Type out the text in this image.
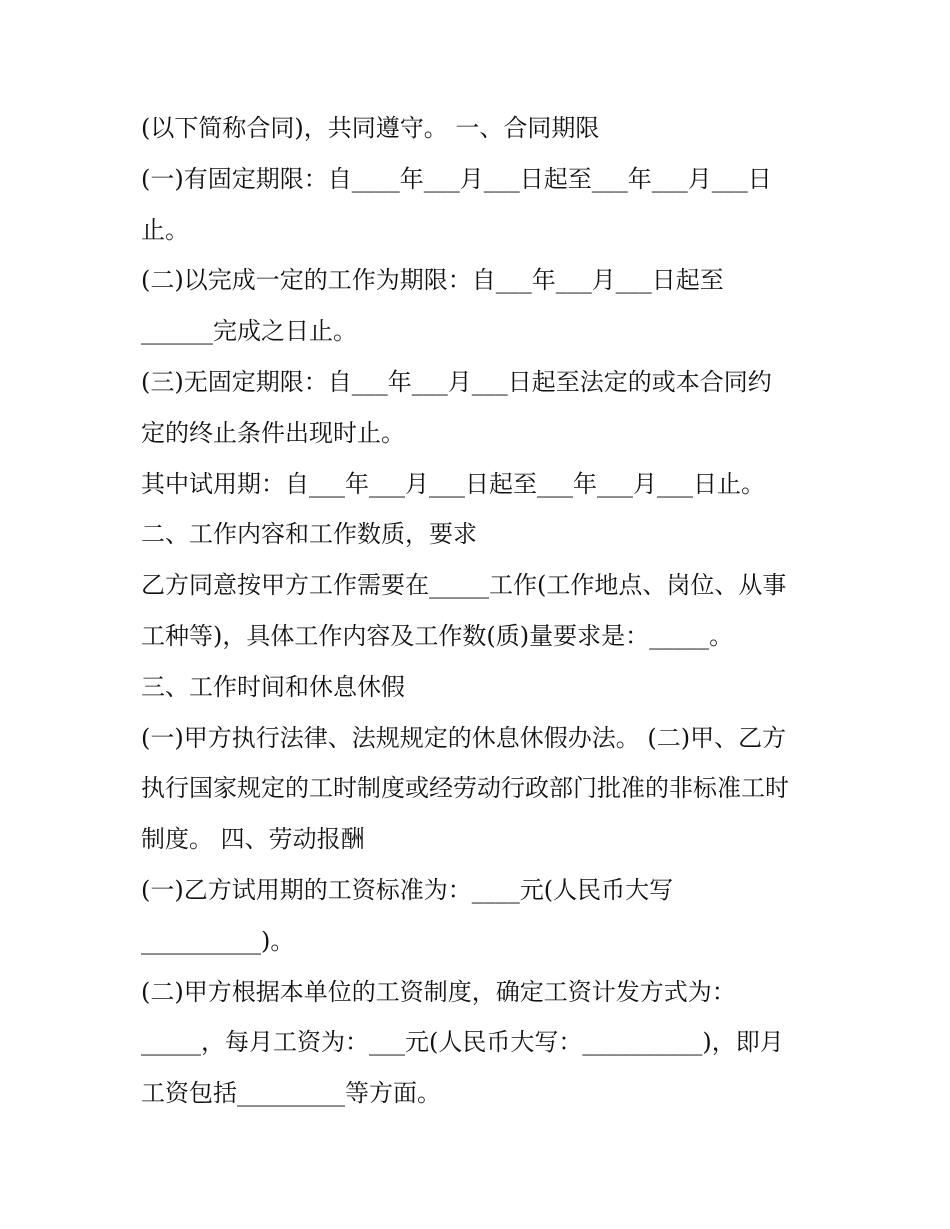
(以下简称合同)，共同遵守。 一、合同期限
(一)有固定期限：自____年___月___日起至___年___月___日
止。
(二)以完成一定的工作为期限：自___年___月___日起至
______完成之日止。
(三)无固定期限：自___年___月___日起至法定的或本合同约
定的终止条件出现时止。
其中试用期：自___年___月___日起至___年___月___日止。
二、工作内容和工作数质，要求
乙方同意按甲方工作需要在_____工作(工作地点、岗位、从事
工种等)，具体工作内容及工作数(质)量要求是：_____。
三、工作时间和休息休假
(一)甲方执行法律、法规规定的休息休假办法。 (二)甲、乙方
执行国家规定的工时制度或经劳动行政部门批准的非标准工时
制度。 四、劳动报酬
(一)乙方试用期的工资标准为：____元(人民币大写
__________)。
(二)甲方根据本单位的工资制度，确定工资计发方式为：
_____，每月工资为：___元(人民币大写：__________)，即月
工资包括_________等方面。
